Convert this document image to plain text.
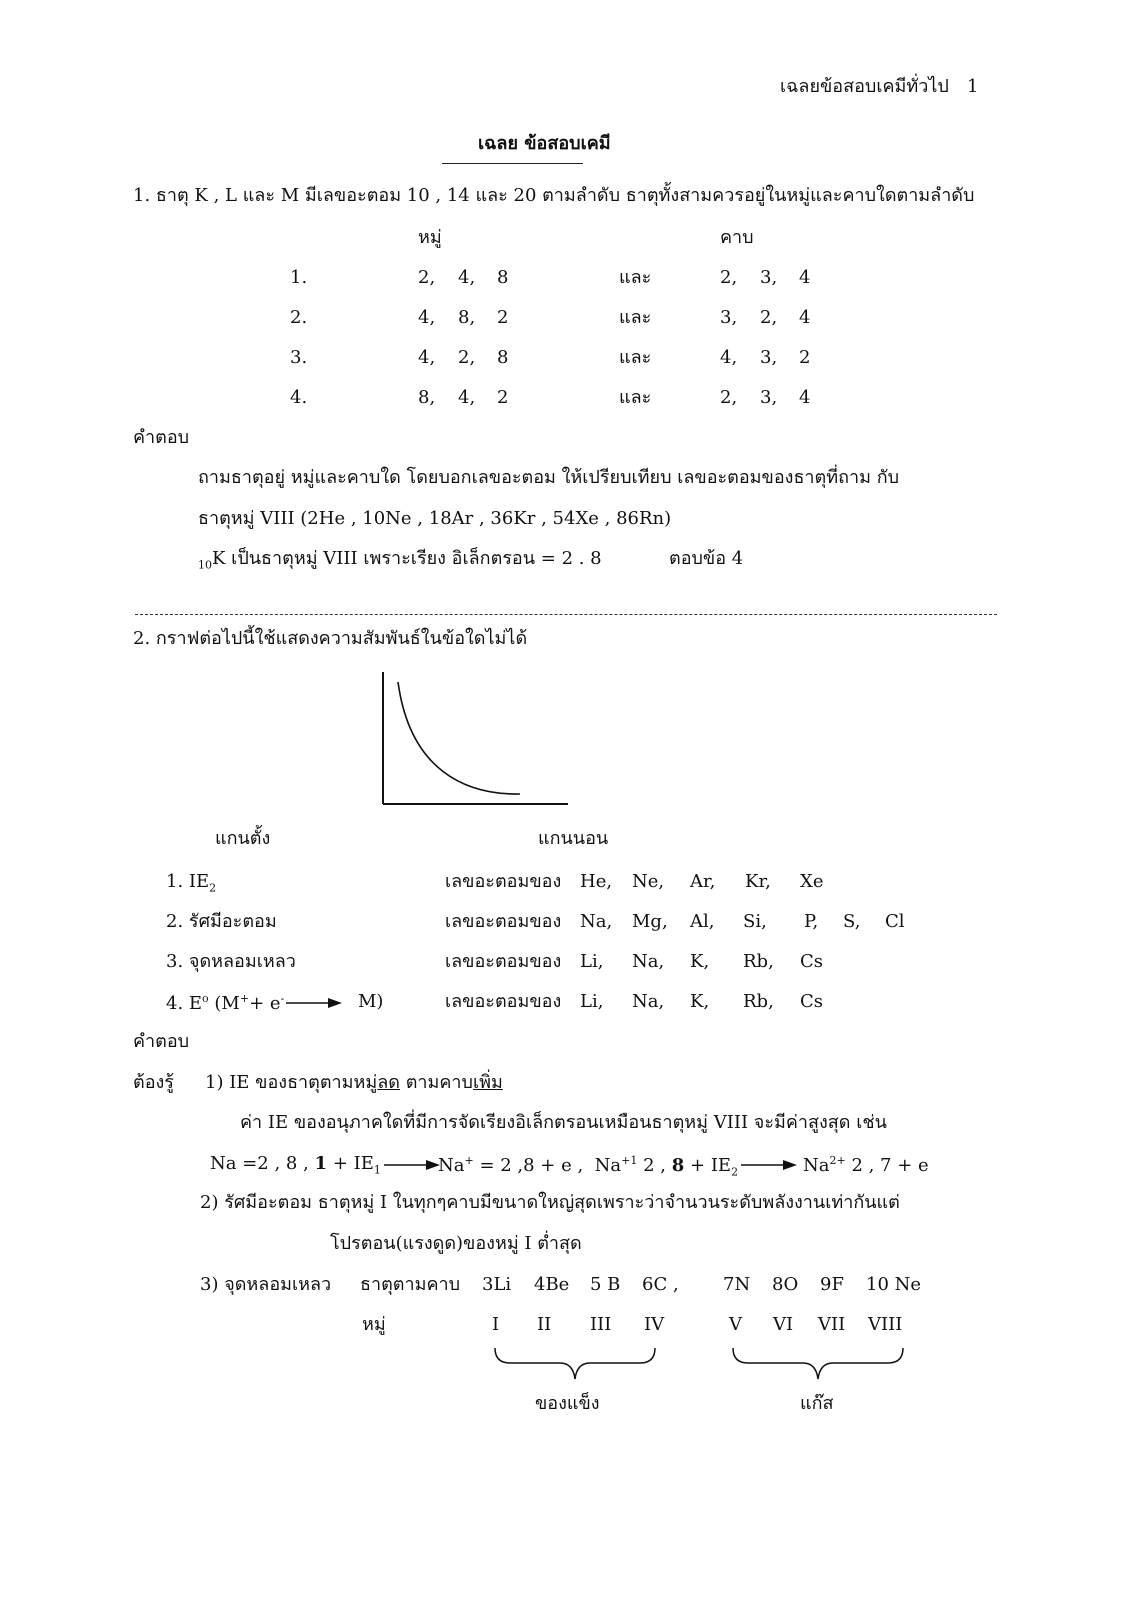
เฉลยข้อสอบเคมีทั่วไป 1
เฉลย ข้อสอบเคมี
1. ธาตุ K , L และ M มีเลขอะตอม 10 , 14 และ 20 ตามลำดับ ธาตุทั้งสามควรอยู่ในหมู่และคาบใดตามลำดับ
หมู่	คาบ
1.	2, 4, 8	และ	2, 3, 4
2.	4, 8, 2	และ	3, 2, 4
3.	4, 2, 8	และ	4, 3, 2
4.	8, 4, 2	และ	2, 3, 4
คำตอบ
ถามธาตุอยู่ หมู่และคาบใด โดยบอกเลขอะตอม ให้เปรียบเทียบ เลขอะตอมของธาตุที่ถาม กับ
ธาตุหมู่ VIII (2He , 10Ne , 18Ar , 36Kr , 54Xe , 86Rn)
$_{10}$K เป็นธาตุหมู่ VIII เพราะเรียง อิเล็กตรอน = 2 . 8	ตอบข้อ 4
2. กราฟต่อไปนี้ใช้แสดงความสัมพันธ์ในข้อใดไม่ได้
แกนตั้ง	แกนนอน
1. $IE_2$	เลขอะตอมของ He, Ne, Ar, Kr, Xe
2. รัศมีอะตอม	เลขอะตอมของ Na, Mg, Al, Si, P, S, Cl
3. จุดหลอมเหลว	เลขอะตอมของ Li, Na, K, Rb, Cs
4. $E^o$ (M++ e- → M)	เลขอะตอมของ Li, Na, K, Rb, Cs
คำตอบ
ต้องรู้ 1) IE ของธาตุตามหมู่ลด ตามคาบเพิ่ม
ค่า IE ของอนุภาคใดที่มีการจัดเรียงอิเล็กตรอนเหมือนธาตุหมู่ VIII จะมีค่าสูงสุด เช่น
Na =2 , 8 , $1 + IE_1$	Na+ = 2 ,8 + e , $Na^{+1}$ 2 , $8 + IE_2$	$Na^{2+}$ 2 , 7 + e
2) รัศมีอะตอม ธาตุหมู่ I ในทุกๆคาบมีขนาดใหญ่สุดเพราะว่าจำนวนระดับพลังงานเท่ากันแต่
โปรตอน(แรงดูด)ของหมู่ I ต่ำสุด
3) จุดหลอมเหลว ธาตุตามคาบ 3Li 4Be 5 B 6C , 7N 8O 9F 10 Ne
หมู่	I II III IV	V VI VII VIII
ของแข็ง	แก๊ส
